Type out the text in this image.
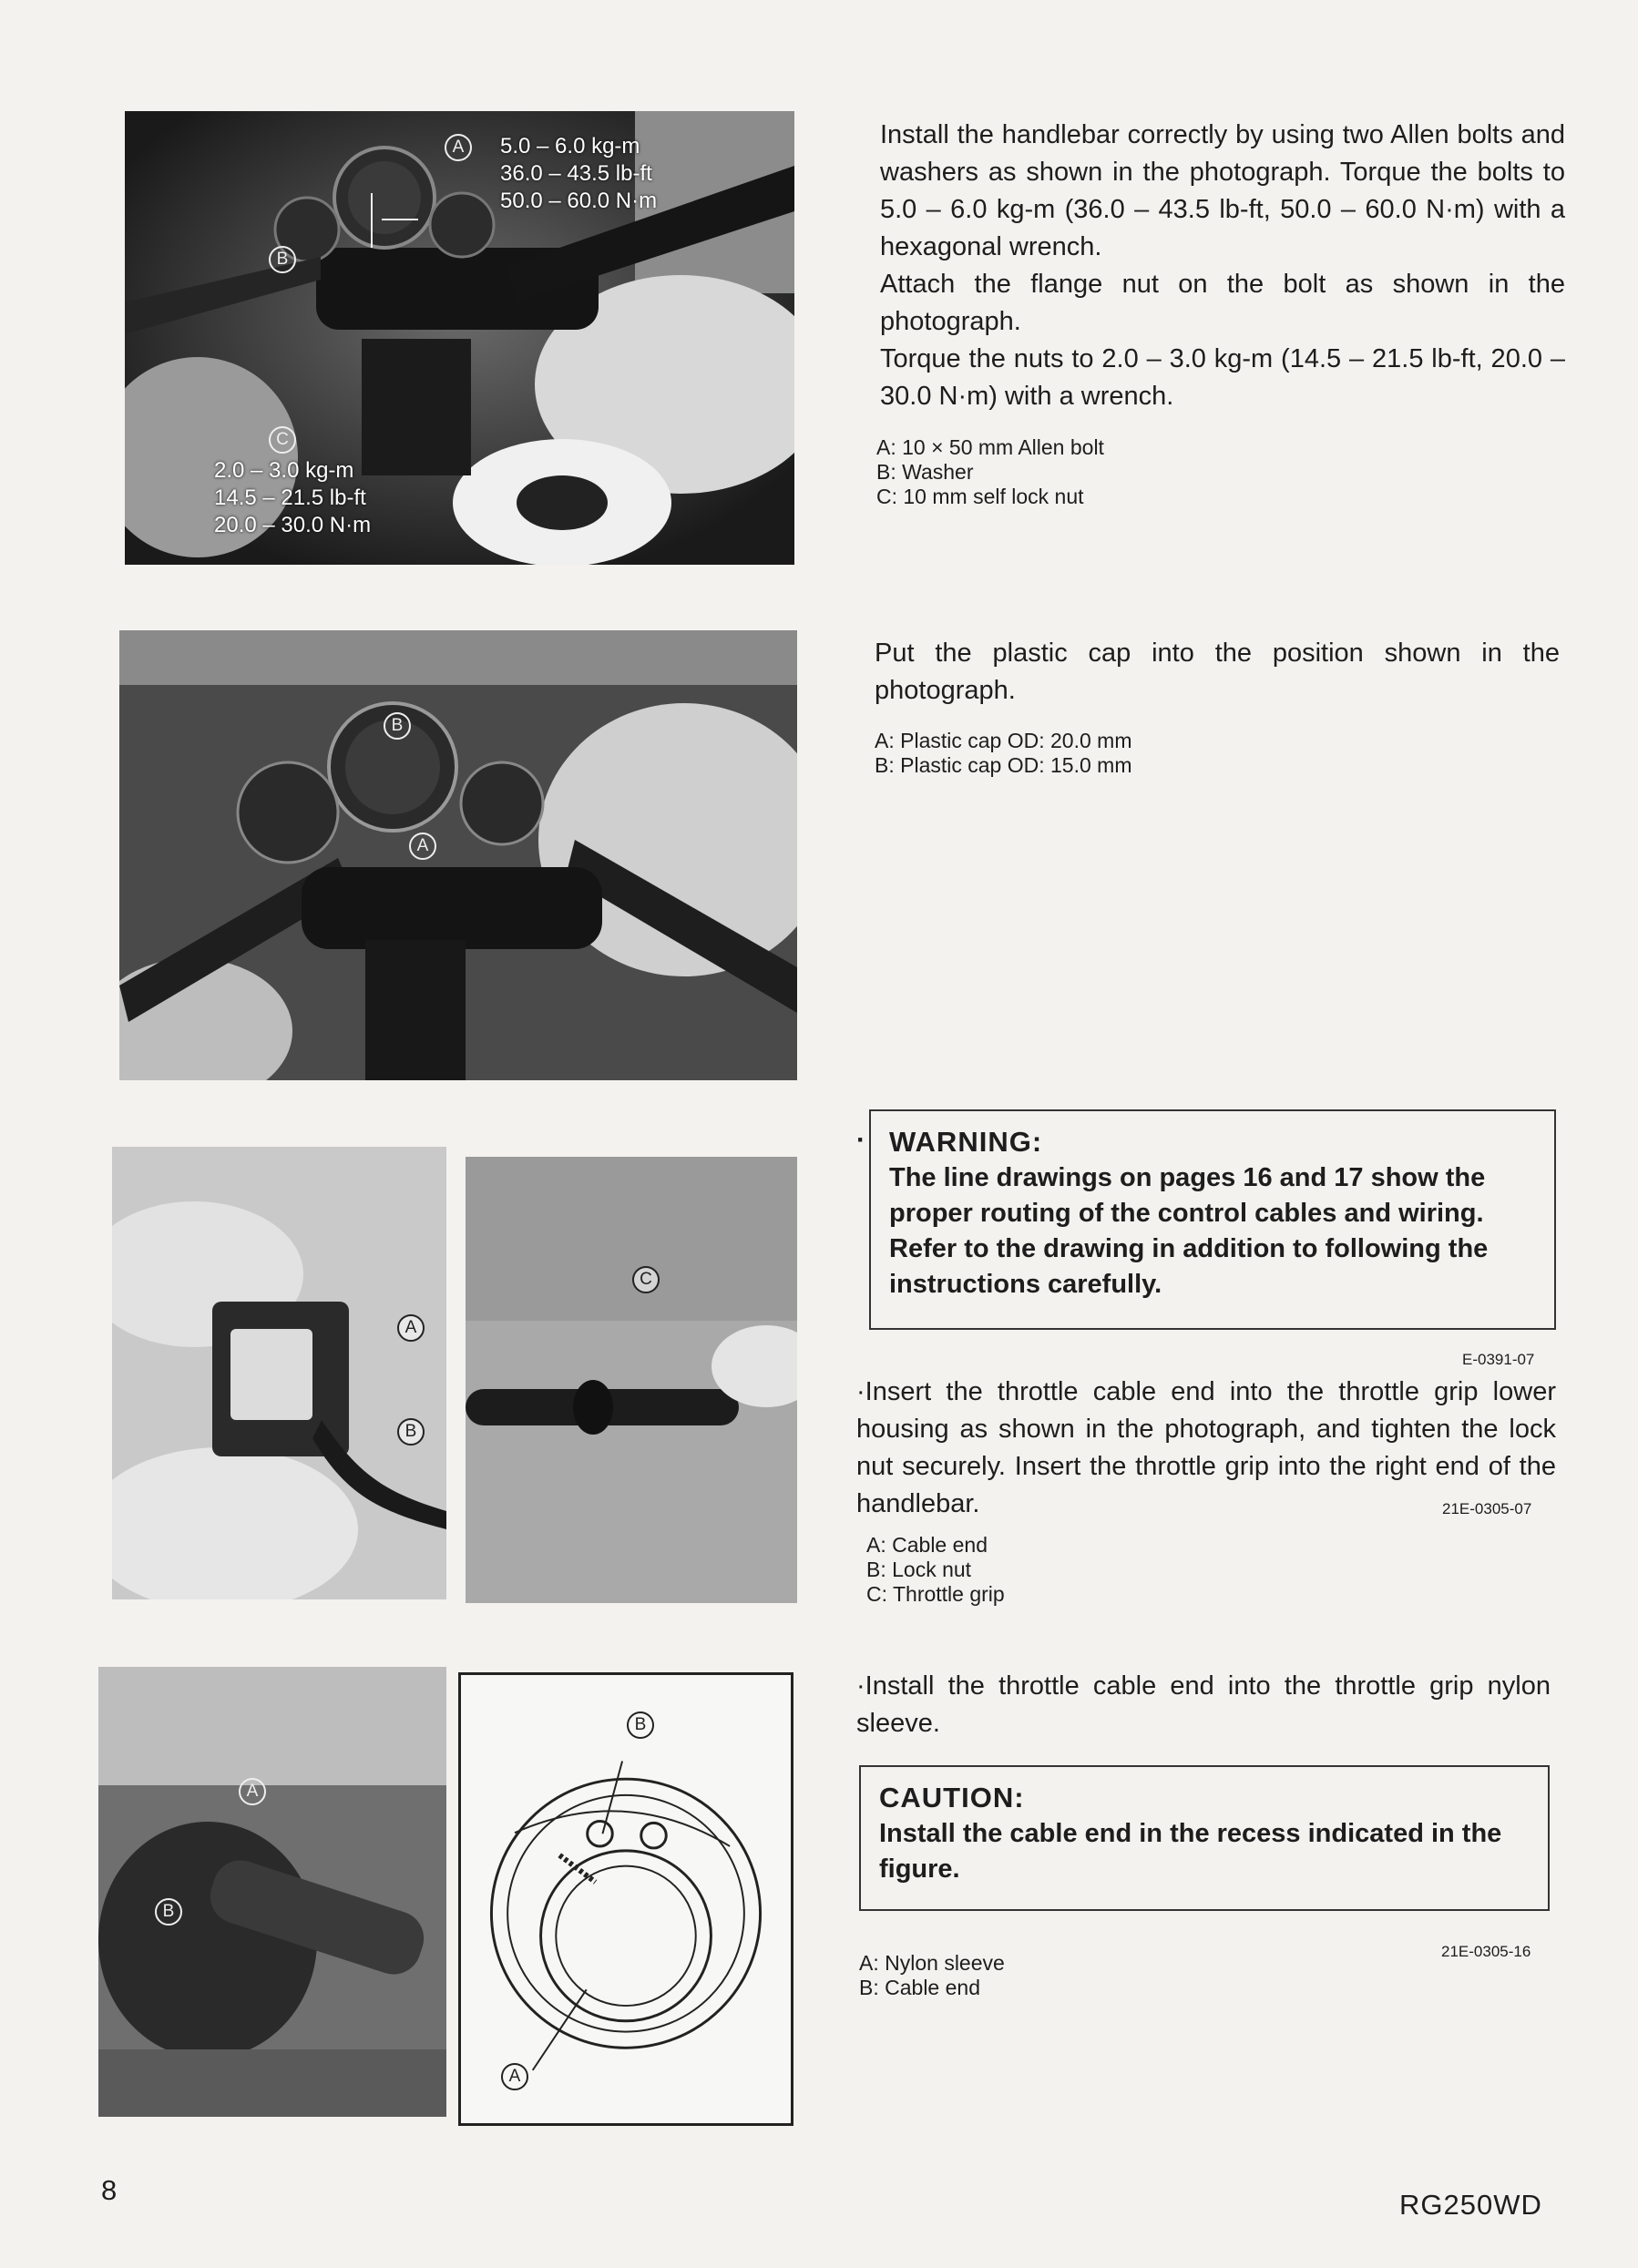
A
B
C
5.0 – 6.0 kg-m
36.0 – 43.5 lb-ft
50.0 – 60.0 N·m
2.0 – 3.0 kg-m
14.5 – 21.5 lb-ft
20.0 – 30.0 N·m

Install the handlebar correctly by using two Allen bolts and washers as shown in the photograph. Torque the bolts to 5.0 – 6.0 kg-m (36.0 – 43.5 lb-ft, 50.0 – 60.0 N·m) with a hexagonal wrench.

Attach the flange nut on the bolt as shown in the photograph.

Torque the nuts to 2.0 – 3.0 kg-m (14.5 – 21.5 lb-ft, 20.0 – 30.0 N·m) with a wrench.

A: 10 × 50 mm Allen bolt
B: Washer
C: 10 mm self lock nut
A
B

Put the plastic cap into the position shown in the photograph.

A: Plastic cap OD: 20.0 mm
B: Plastic cap OD: 15.0 mm
A
B
C
· WARNING:
The line drawings on pages 16 and 17 show the proper routing of the control cables and wiring. Refer to the drawing in addition to following the instructions carefully.
E-0391-07

·Insert the throttle cable end into the throttle grip lower housing as shown in the photograph, and tighten the lock nut securely. Insert the throttle grip into the right end of the handlebar.	21E-0305-07
A: Cable end
B: Lock nut
C: Throttle grip
A
B
B
A

·Install the throttle cable end into the throttle grip nylon sleeve.

CAUTION:
Install the cable end in the recess indicated in the figure.
21E-0305-16
A: Nylon sleeve
B: Cable end
8	RG250WD
